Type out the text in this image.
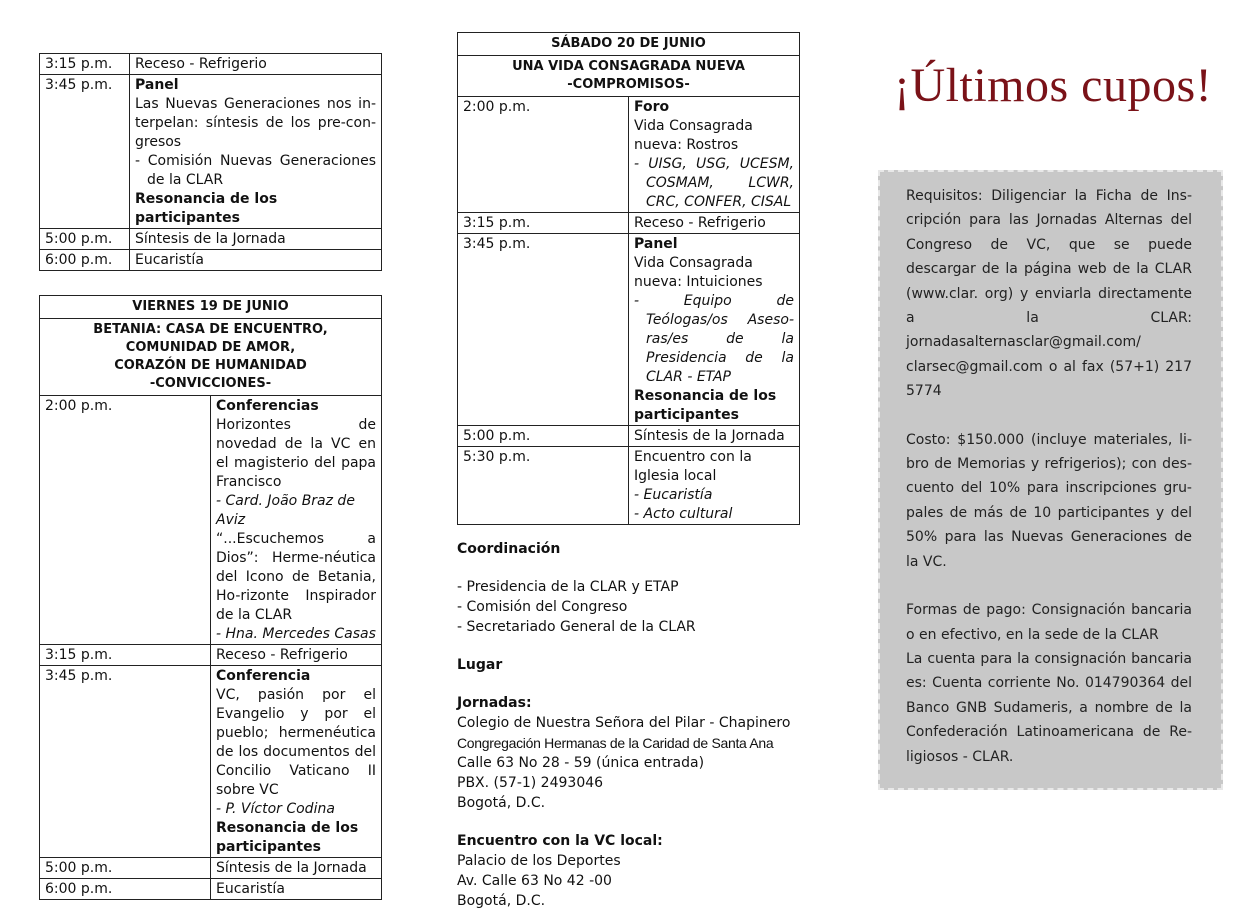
3:15 p.m.	Receso - Refrigerio

3:45 p.m.	Panel
Las Nuevas Generaciones nos in-terpelan: síntesis de los pre-con-gresos
- Comisión Nuevas Generaciones de la CLAR
Resonancia de los participantes

5:00 p.m.	Síntesis de la Jornada

6:00 p.m.	Eucaristía
VIERNES 19 DE JUNIO	

BETANIA: CASA DE ENCUENTRO,
COMUNIDAD DE AMOR,
CORAZÓN DE HUMANIDAD
-CONVICCIONES-	

2:00 p.m.	Conferencias
Horizontes de novedad de la VC en el magisterio del papa Francisco
- Card. João Braz de Aviz
“...Escuchemos a Dios”: Herme-néutica del Icono de Betania, Ho-rizonte Inspirador de la CLAR
- Hna. Mercedes Casas

3:15 p.m.	Receso - Refrigerio

3:45 p.m.	Conferencia
VC, pasión por el Evangelio y por el pueblo; hermenéutica de los documentos del Concilio Vaticano II sobre VC
- P. Víctor Codina
Resonancia de los participantes

5:00 p.m.	Síntesis de la Jornada

6:00 p.m.	Eucaristía
SÁBADO 20 DE JUNIO	

UNA VIDA CONSAGRADA NUEVA
-COMPROMISOS-	

2:00 p.m.	Foro
Vida Consagrada nueva: Rostros
- UISG, USG, UCESM, COSMAM, LCWR, CRC, CONFER, CISAL

3:15 p.m.	Receso - Refrigerio

3:45 p.m.	Panel
Vida Consagrada nueva: Intuiciones
- Equipo de Teólogas/os Aseso-ras/es de la Presidencia de la CLAR - ETAP
Resonancia de los participantes

5:00 p.m.	Síntesis de la Jornada

5:30 p.m.	Encuentro con la Iglesia local
- Eucaristía
- Acto cultural
Coordinación
- Presidencia de la CLAR y ETAP
- Comisión del Congreso
- Secretariado General de la CLAR
Lugar
Jornadas:
Colegio de Nuestra Señora del Pilar - Chapinero
Congregación Hermanas de la Caridad de Santa Ana
Calle 63 No 28 - 59 (única entrada)
PBX. (57-1) 2493046
Bogotá, D.C.
Encuentro con la VC local:
Palacio de los Deportes
Av. Calle 63 No 42 -00
Bogotá, D.C.
¡Últimos cupos!

Requisitos: Diligenciar la Ficha de Ins-cripción para las Jornadas Alternas del Congreso de VC, que se puede descargar de la página web de la CLAR (www.clar. org) y enviarla directamente a la CLAR: jornadasalternasclar@gmail.com/ clarsec@gmail.com o al fax (57+1) 217 5774

Costo: $150.000 (incluye materiales, li-bro de Memorias y refrigerios); con des-cuento del 10% para inscripciones gru-pales de más de 10 participantes y del 50% para las Nuevas Generaciones de la VC.

Formas de pago: Consignación bancaria o en efectivo, en la sede de la CLAR

La cuenta para la consignación bancaria es: Cuenta corriente No. 014790364 del Banco GNB Sudameris, a nombre de la Confederación Latinoamericana de Re-ligiosos - CLAR.
